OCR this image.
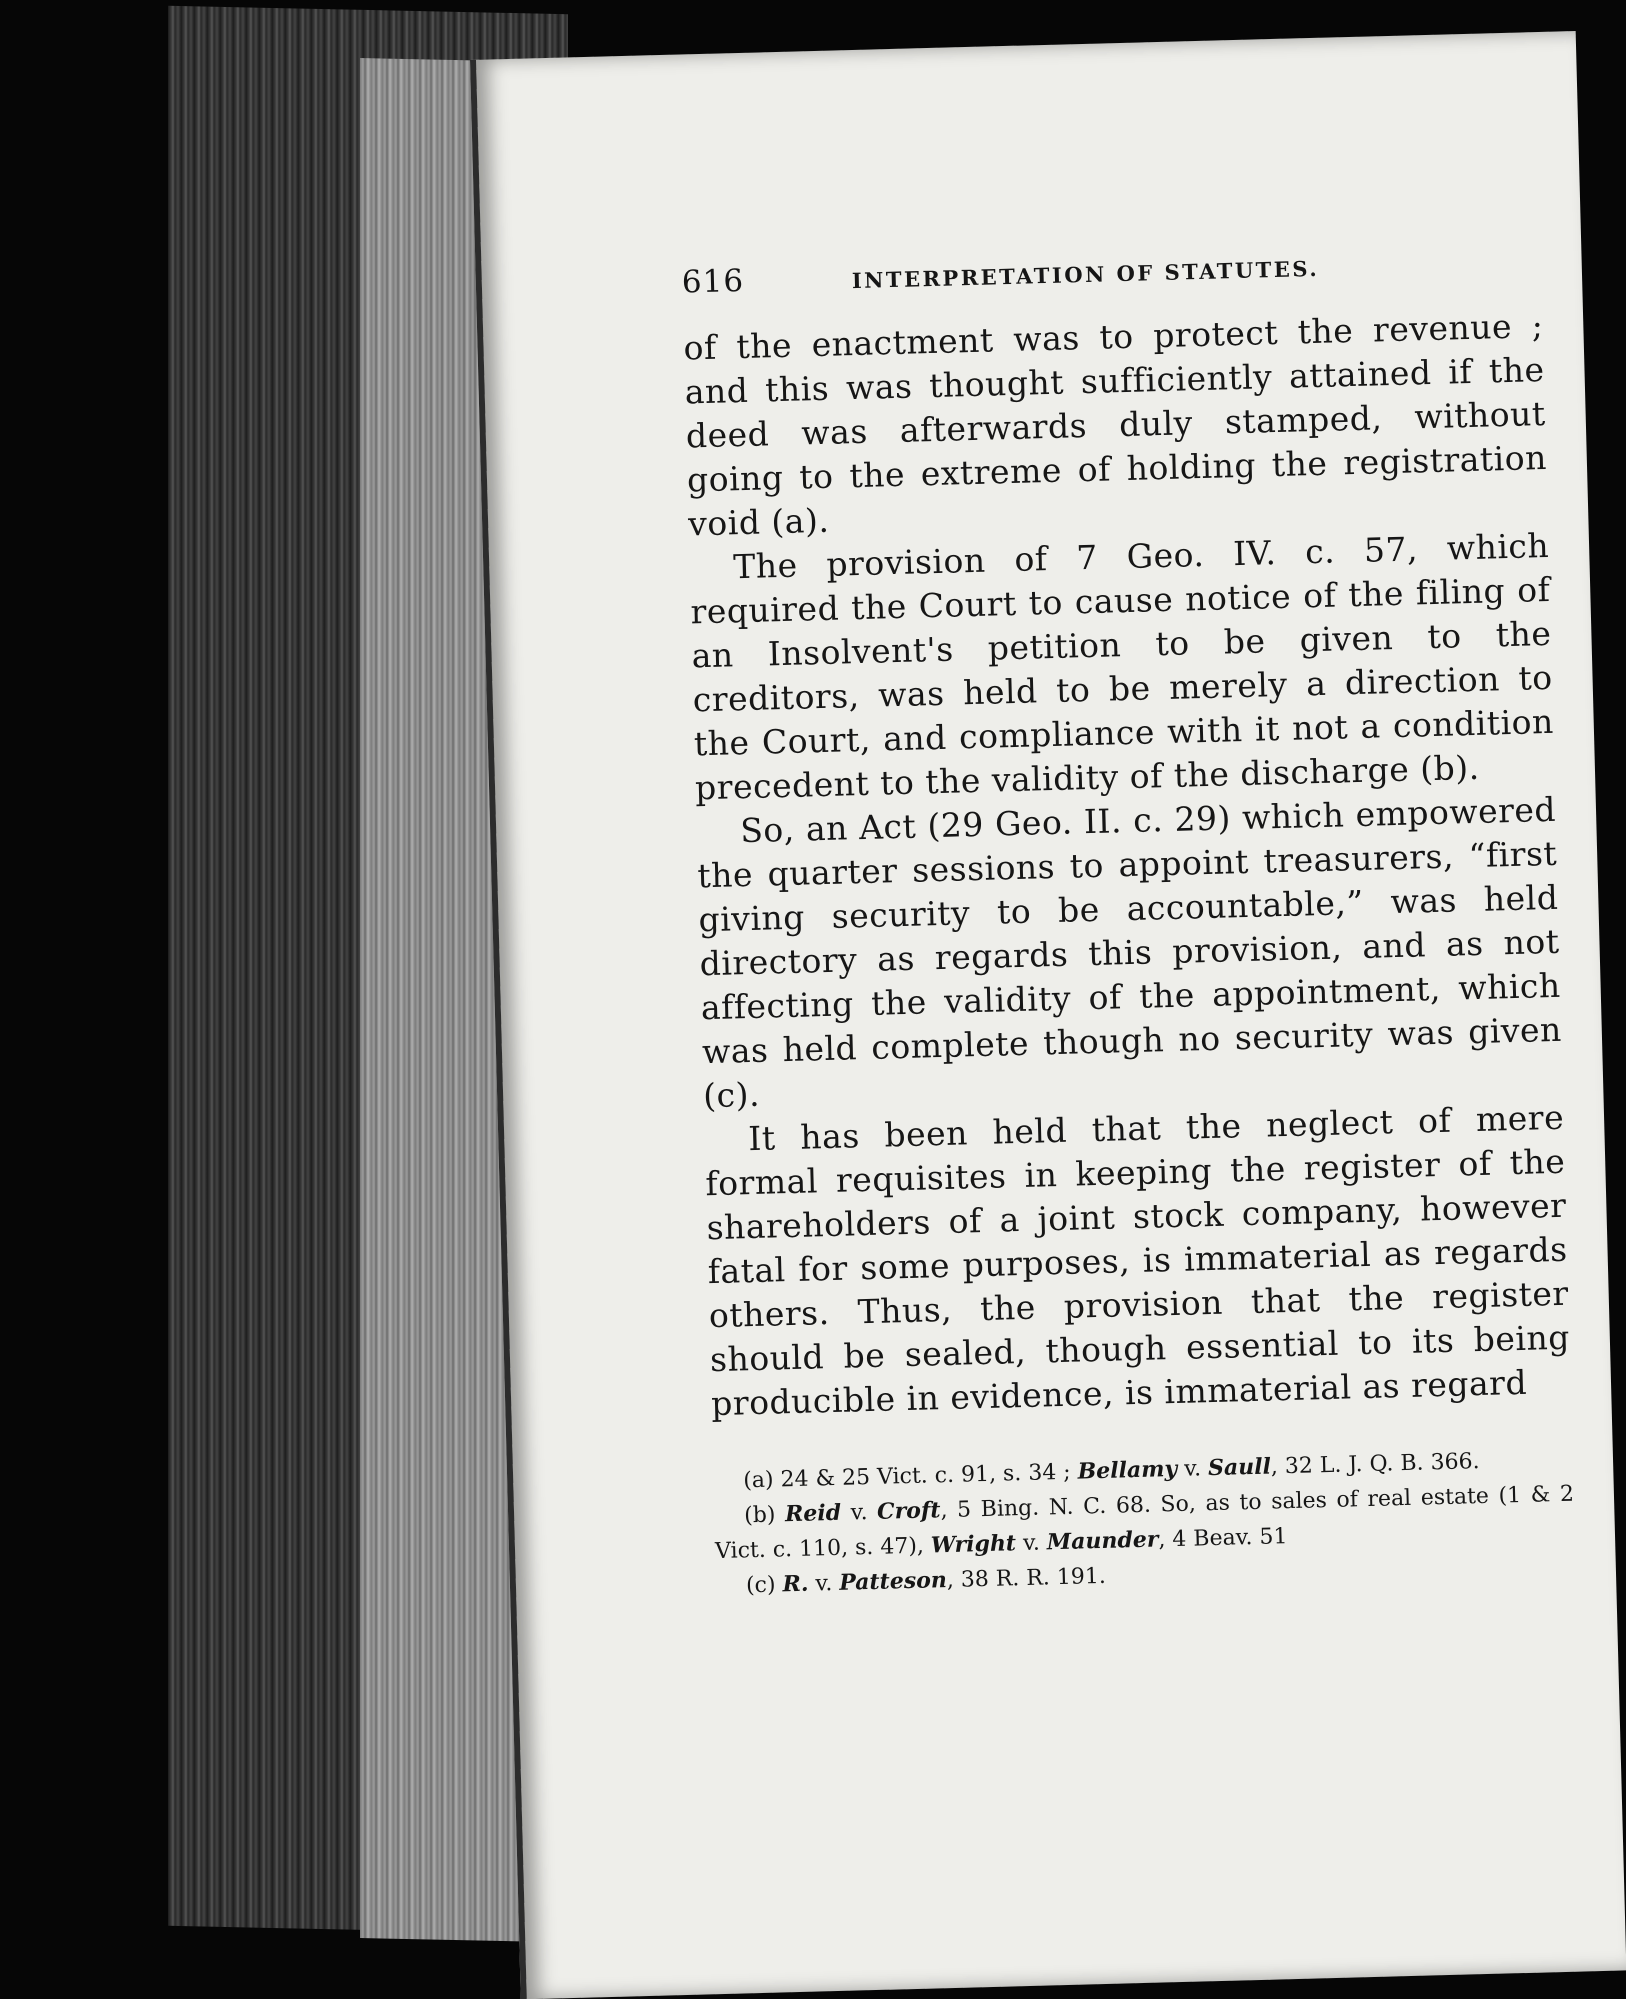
616	INTERPRETATION OF STATUTES.

of the enactment was to protect the revenue ; and this was thought sufficiently attained if the deed was afterwards duly stamped, without going to the extreme of holding the registration void (a).

The provision of 7 Geo. IV. c. 57, which required the Court to cause notice of the filing of an Insolvent's petition to be given to the creditors, was held to be merely a direction to the Court, and compliance with it not a condition precedent to the validity of the discharge (b).

So, an Act (29 Geo. II. c. 29) which empowered the quarter sessions to appoint treasurers, “first giving security to be accountable,” was held directory as regards this provision, and as not affecting the validity of the appointment, which was held complete though no security was given (c).

It has been held that the neglect of mere formal requisites in keeping the register of the shareholders of a joint stock company, however fatal for some purposes, is immaterial as regards others. Thus, the provision that the register should be sealed, though essential to its being producible in evidence, is immaterial as regard

(a) 24 & 25 Vict. c. 91, s. 34 ; Bellamy v. Saull, 32 L. J. Q. B. 366.

(b) Reid v. Croft, 5 Bing. N. C. 68. So, as to sales of real estate (1 & 2 Vict. c. 110, s. 47), Wright v. Maunder, 4 Beav. 51

(c) R. v. Patteson, 38 R. R. 191.
